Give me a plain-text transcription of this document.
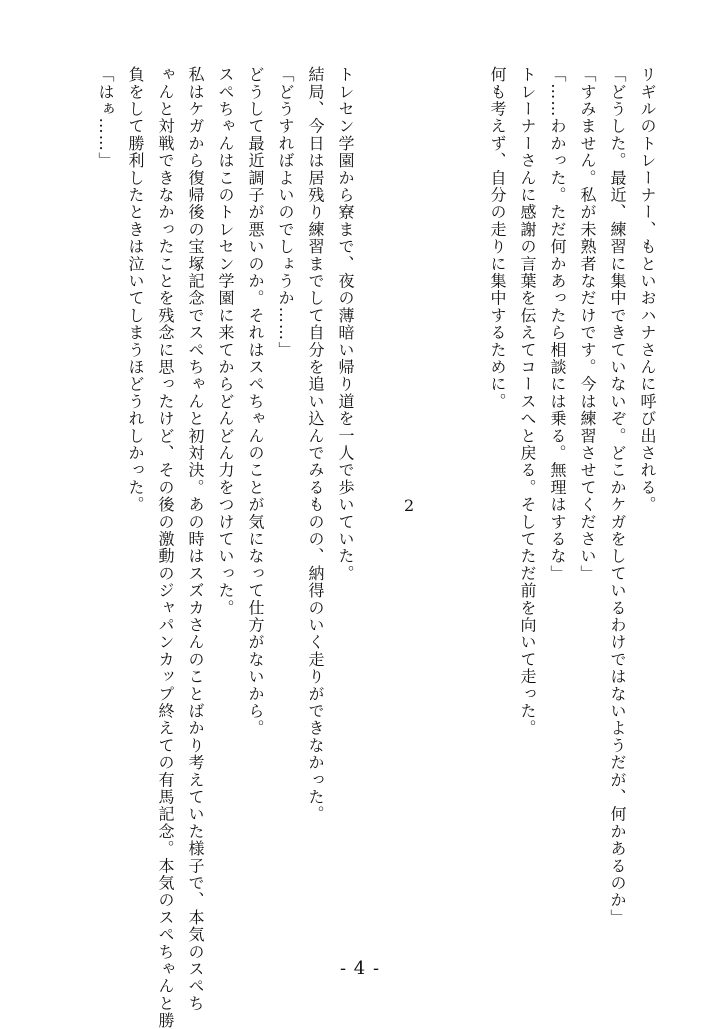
リギルのトレーナー、もといおハナさんに呼び出される。

「どうした。最近、練習に集中できていないぞ。どこかケガをしているわけではないようだが、何かあるのか」

「すみません。私が未熟者なだけです。今は練習させてください」

「……わかった。ただ何かあったら相談には乗る。無理はするな」

トレーナーさんに感謝の言葉を伝えてコースへと戻る。そしてただ前を向いて走った。

何も考えず、自分の走りに集中するために。

2

トレセン学園から寮まで、夜の薄暗い帰り道を一人で歩いていた。

結局、今日は居残り練習までして自分を追い込んでみるものの、納得のいく走りができなかった。

「どうすればよいのでしょうか……」

どうして最近調子が悪いのか。それはスペちゃんのことが気になって仕方がないから。

スペちゃんはこのトレセン学園に来てからどんどん力をつけていった。

私はケガから復帰後の宝塚記念でスペちゃんと初対決。あの時はスズカさんのことばかり考えていた様子で、本気のスペち

ゃんと対戦できなかったことを残念に思ったけど、その後の激動のジャパンカップ終えての有馬記念。本気のスペちゃんと勝

負をして勝利したときは泣いてしまうほどうれしかった。

「はぁ……」

- 4 -
